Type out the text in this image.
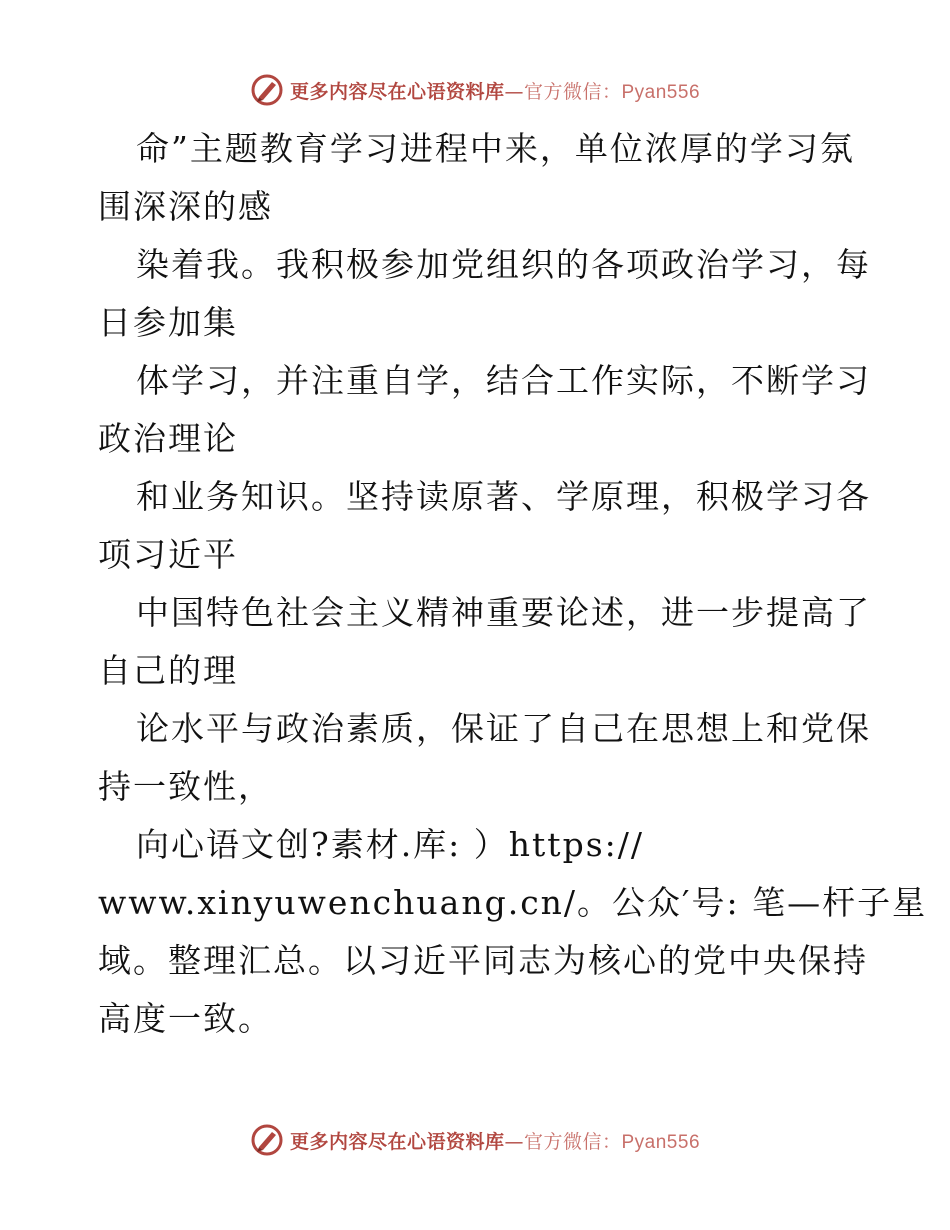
更多内容尽在心语资料库—官方微信：Pyan556
命”主题教育学习进程中来，单位浓厚的学习氛
围深深的感
染着我。我积极参加党组织的各项政治学习，每
日参加集
体学习，并注重自学，结合工作实际，不断学习
政治理论
和业务知识。坚持读原著、学原理，积极学习各
项习近平
中国特色社会主义精神重要论述，进一步提高了
自己的理
论水平与政治素质，保证了自己在思想上和党保
持一致性，
向心语文创?素材.库: ）https://
www.xinyuwenchuang.cn/。公众′号: 笔—杆子星
域。整理汇总。以习近平同志为核心的党中央保持
高度一致。
更多内容尽在心语资料库—官方微信：Pyan556
